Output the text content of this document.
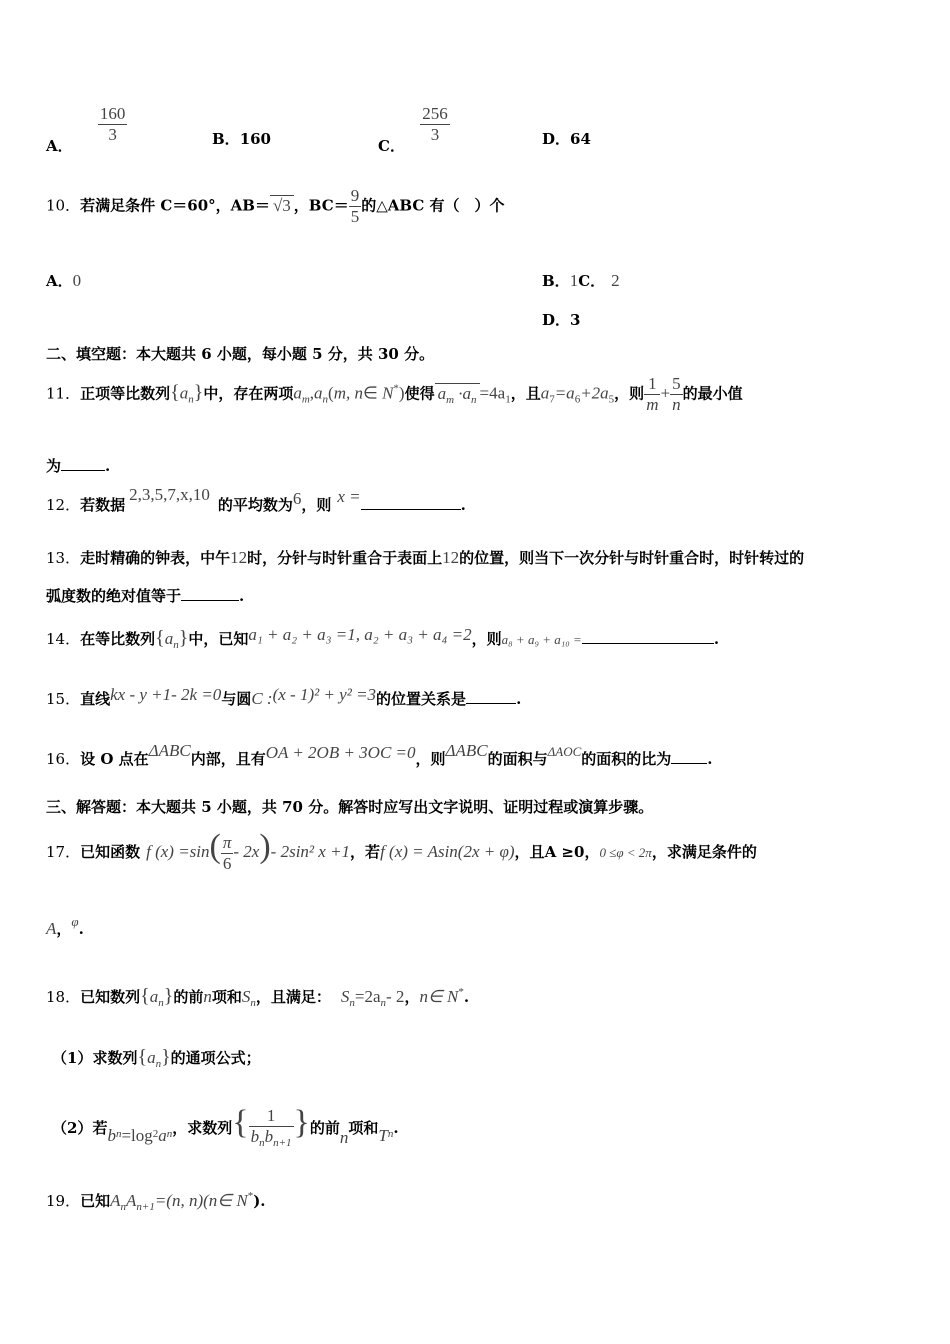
A．
$\frac{160}{3}$	B．160	C．
$\frac{256}{3}$	D．64
10．若满足条件 C＝60°，AB＝ √3 ，$BC= \frac{9}{5}$ 的△ABC 有（　）个
A．0	B．1C． 2
D．3
二、填空题：本大题共 6 小题，每小题 5 分，共 30 分。
11．正项等比数列$\{a_n\}$中，存在两项$a_m,a_n(m$, n∈ N*)使得 $a_m \cdot a_n =4a_1$，且$a_7=a_6+2a_5$，则 $\frac{1}{m} + \frac{5}{n}$ 的最小值
为	.
12．若数据2,3,5,7,x,10的平均数为6，则 x =	.
13．走时精确的钟表，中午12时，分针与时针重合于表面上12的位置，则当下一次分针与时针重合时，时针转过的
弧度数的绝对值等于	.
14．在等比数列$\{a_n\}$中，已知a₁ + a₂ + a₃ =1, a₂ + a₃ + a₄ =2，则a₈ + a₉ + a₁₀ =	.
15．直线kx - y +1- 2k =0与圆C :(x - 1)² + y² =3的位置关系是	.
16．设 O 点在ΔABC内部，且有OA + 2OB + 3OC =0，则ΔABC的面积与ΔAOC的面积的比为 .
三、解答题：本大题共 5 小题，共 70 分。解答时应写出文字说明、证明过程或演算步骤。
17．已知函数 f $(x) =\sin( \frac{\pi}{6} - 2x)-$ 2sin² x +1，若f (x) = Asin(2x + φ)，且A ≥0，0 ≤φ < 2π，求满足条件的
A，φ.
18．已知数列$\{a_n\}$的前n项和$S_n$，且满足： $S_n=2a_n-$ 2，n∈ N*.
（1）求数列$\{a_n\}$的通项公式；
（2）若$b_n=\log_2a_n$，求数列{ $\frac{1}{b_nb_{n+1}}$ }的前n项和$T_n$.
19．已知$A_nA_{n+1}=(n$, n)(n∈ N*).
